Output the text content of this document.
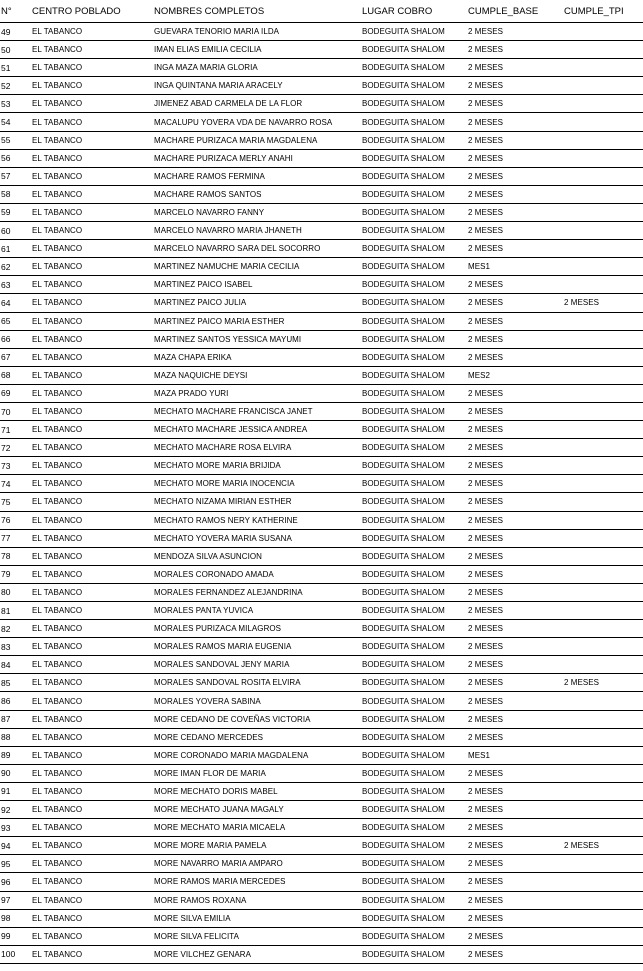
N°	CENTRO POBLADO	NOMBRES COMPLETOS	LUGAR COBRO	CUMPLE_BASE	CUMPLE_TPI
49	EL TABANCO	GUEVARA TENORIO MARIA ILDA	BODEGUITA SHALOM	2 MESES	
50	EL TABANCO	IMAN ELIAS EMILIA CECILIA	BODEGUITA SHALOM	2 MESES	
51	EL TABANCO	INGA MAZA MARIA GLORIA	BODEGUITA SHALOM	2 MESES	
52	EL TABANCO	INGA QUINTANA MARIA ARACELY	BODEGUITA SHALOM	2 MESES	
53	EL TABANCO	JIMENEZ ABAD CARMELA DE LA FLOR	BODEGUITA SHALOM	2 MESES	
54	EL TABANCO	MACALUPU YOVERA VDA DE NAVARRO ROSA	BODEGUITA SHALOM	2 MESES	
55	EL TABANCO	MACHARE PURIZACA MARIA MAGDALENA	BODEGUITA SHALOM	2 MESES	
56	EL TABANCO	MACHARE PURIZACA MERLY ANAHI	BODEGUITA SHALOM	2 MESES	
57	EL TABANCO	MACHARE RAMOS FERMINA	BODEGUITA SHALOM	2 MESES	
58	EL TABANCO	MACHARE RAMOS SANTOS	BODEGUITA SHALOM	2 MESES	
59	EL TABANCO	MARCELO NAVARRO FANNY	BODEGUITA SHALOM	2 MESES	
60	EL TABANCO	MARCELO NAVARRO MARIA JHANETH	BODEGUITA SHALOM	2 MESES	
61	EL TABANCO	MARCELO NAVARRO SARA DEL SOCORRO	BODEGUITA SHALOM	2 MESES	
62	EL TABANCO	MARTINEZ NAMUCHE MARIA CECILIA	BODEGUITA SHALOM	MES1	
63	EL TABANCO	MARTINEZ PAICO ISABEL	BODEGUITA SHALOM	2 MESES	
64	EL TABANCO	MARTINEZ PAICO JULIA	BODEGUITA SHALOM	2 MESES	2 MESES
65	EL TABANCO	MARTINEZ PAICO MARIA ESTHER	BODEGUITA SHALOM	2 MESES	
66	EL TABANCO	MARTINEZ SANTOS YESSICA MAYUMI	BODEGUITA SHALOM	2 MESES	
67	EL TABANCO	MAZA CHAPA ERIKA	BODEGUITA SHALOM	2 MESES	
68	EL TABANCO	MAZA NAQUICHE DEYSI	BODEGUITA SHALOM	MES2	
69	EL TABANCO	MAZA PRADO YURI	BODEGUITA SHALOM	2 MESES	
70	EL TABANCO	MECHATO MACHARE FRANCISCA JANET	BODEGUITA SHALOM	2 MESES	
71	EL TABANCO	MECHATO MACHARE JESSICA ANDREA	BODEGUITA SHALOM	2 MESES	
72	EL TABANCO	MECHATO MACHARE ROSA ELVIRA	BODEGUITA SHALOM	2 MESES	
73	EL TABANCO	MECHATO MORE MARIA BRIJIDA	BODEGUITA SHALOM	2 MESES	
74	EL TABANCO	MECHATO MORE MARIA INOCENCIA	BODEGUITA SHALOM	2 MESES	
75	EL TABANCO	MECHATO NIZAMA MIRIAN ESTHER	BODEGUITA SHALOM	2 MESES	
76	EL TABANCO	MECHATO RAMOS NERY KATHERINE	BODEGUITA SHALOM	2 MESES	
77	EL TABANCO	MECHATO YOVERA MARIA SUSANA	BODEGUITA SHALOM	2 MESES	
78	EL TABANCO	MENDOZA SILVA ASUNCION	BODEGUITA SHALOM	2 MESES	
79	EL TABANCO	MORALES CORONADO AMADA	BODEGUITA SHALOM	2 MESES	
80	EL TABANCO	MORALES FERNANDEZ ALEJANDRINA	BODEGUITA SHALOM	2 MESES	
81	EL TABANCO	MORALES PANTA YUVICA	BODEGUITA SHALOM	2 MESES	
82	EL TABANCO	MORALES PURIZACA MILAGROS	BODEGUITA SHALOM	2 MESES	
83	EL TABANCO	MORALES RAMOS MARIA EUGENIA	BODEGUITA SHALOM	2 MESES	
84	EL TABANCO	MORALES SANDOVAL JENY MARIA	BODEGUITA SHALOM	2 MESES	
85	EL TABANCO	MORALES SANDOVAL ROSITA ELVIRA	BODEGUITA SHALOM	2 MESES	2 MESES
86	EL TABANCO	MORALES YOVERA SABINA	BODEGUITA SHALOM	2 MESES	
87	EL TABANCO	MORE CEDANO DE COVEÑAS VICTORIA	BODEGUITA SHALOM	2 MESES	
88	EL TABANCO	MORE CEDANO MERCEDES	BODEGUITA SHALOM	2 MESES	
89	EL TABANCO	MORE CORONADO MARIA MAGDALENA	BODEGUITA SHALOM	MES1	
90	EL TABANCO	MORE IMAN FLOR DE MARIA	BODEGUITA SHALOM	2 MESES	
91	EL TABANCO	MORE MECHATO DORIS MABEL	BODEGUITA SHALOM	2 MESES	
92	EL TABANCO	MORE MECHATO JUANA MAGALY	BODEGUITA SHALOM	2 MESES	
93	EL TABANCO	MORE MECHATO MARIA MICAELA	BODEGUITA SHALOM	2 MESES	
94	EL TABANCO	MORE MORE MARIA PAMELA	BODEGUITA SHALOM	2 MESES	2 MESES
95	EL TABANCO	MORE NAVARRO MARIA AMPARO	BODEGUITA SHALOM	2 MESES	
96	EL TABANCO	MORE RAMOS MARIA MERCEDES	BODEGUITA SHALOM	2 MESES	
97	EL TABANCO	MORE RAMOS ROXANA	BODEGUITA SHALOM	2 MESES	
98	EL TABANCO	MORE SILVA EMILIA	BODEGUITA SHALOM	2 MESES	
99	EL TABANCO	MORE SILVA FELICITA	BODEGUITA SHALOM	2 MESES	
100	EL TABANCO	MORE VILCHEZ GENARA	BODEGUITA SHALOM	2 MESES	
